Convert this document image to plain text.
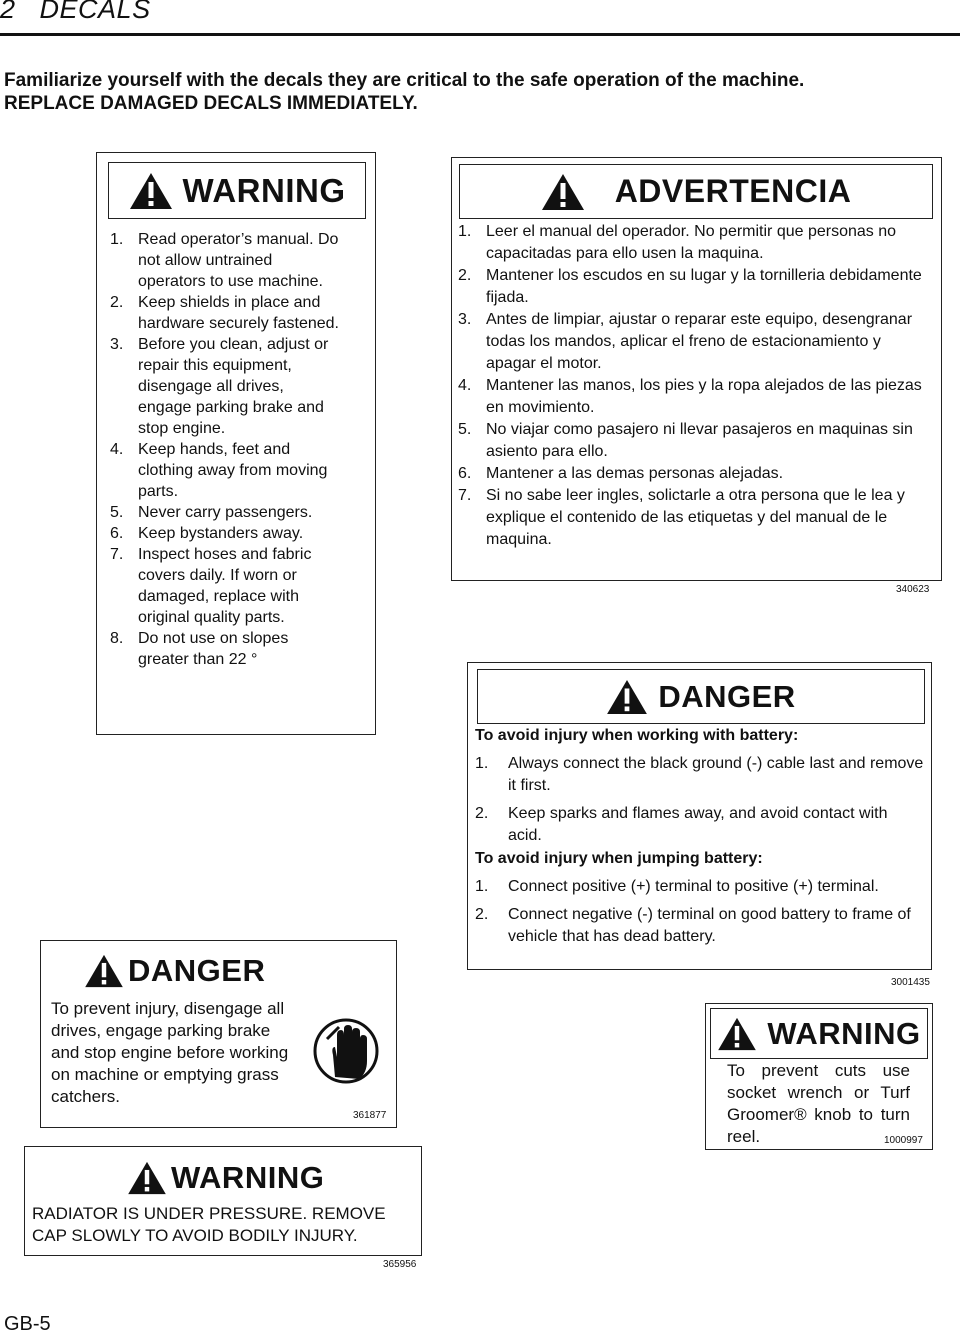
2 DECALS
Familiarize yourself with the decals they are critical to the safe operation of the machine.
REPLACE DAMAGED DECALS IMMEDIATELY.
WARNING
1. Read operator’s manual. Do not allow untrained operators to use machine.
2. Keep shields in place and hardware securely fastened.
3. Before you clean, adjust or repair this equipment, disengage all drives, engage parking brake and stop engine.
4. Keep hands, feet and clothing away from moving parts.
5. Never carry passengers.
6. Keep bystanders away.
7. Inspect hoses and fabric covers daily. If worn or damaged, replace with original quality parts.
8. Do not use on slopes greater than 22 °
ADVERTENCIA
1. Leer el manual del operador. No permitir que personas no capacitadas para ello usen la maquina.
2. Mantener los escudos en su lugar y la tornilleria debidamente fijada.
3. Antes de limpiar, ajustar o reparar este equipo, desengranar todas los mandos, aplicar el freno de estacionamiento y apagar el motor.
4. Mantener las manos, los pies y la ropa alejados de las piezas en movimiento.
5. No viajar como pasajero ni llevar pasajeros en maquinas sin asiento para ello.
6. Mantener a las demas personas alejadas.
7. Si no sabe leer ingles, solictarle a otra persona que le lea y explique el contenido de las etiquetas y del manual de le maquina.
340623
DANGER
To avoid injury when working with battery:
1.	Always connect the black ground (-) cable last and remove it first.
2.	Keep sparks and flames away, and avoid contact with acid.
To avoid injury when jumping battery:
1.	Connect positive (+) terminal to positive (+) terminal.
2.	Connect negative (-) terminal on good battery to frame of vehicle that has dead battery.
3001435
DANGER
To prevent injury, disengage all drives, engage parking brake and stop engine before working on machine or emptying grass catchers.
361877
WARNING
To prevent cuts use socket wrench or Turf Groomer® knob to turn reel.	1000997
WARNING
RADIATOR IS UNDER PRESSURE. REMOVE
CAP SLOWLY TO AVOID BODILY INJURY.
365956
GB-5
